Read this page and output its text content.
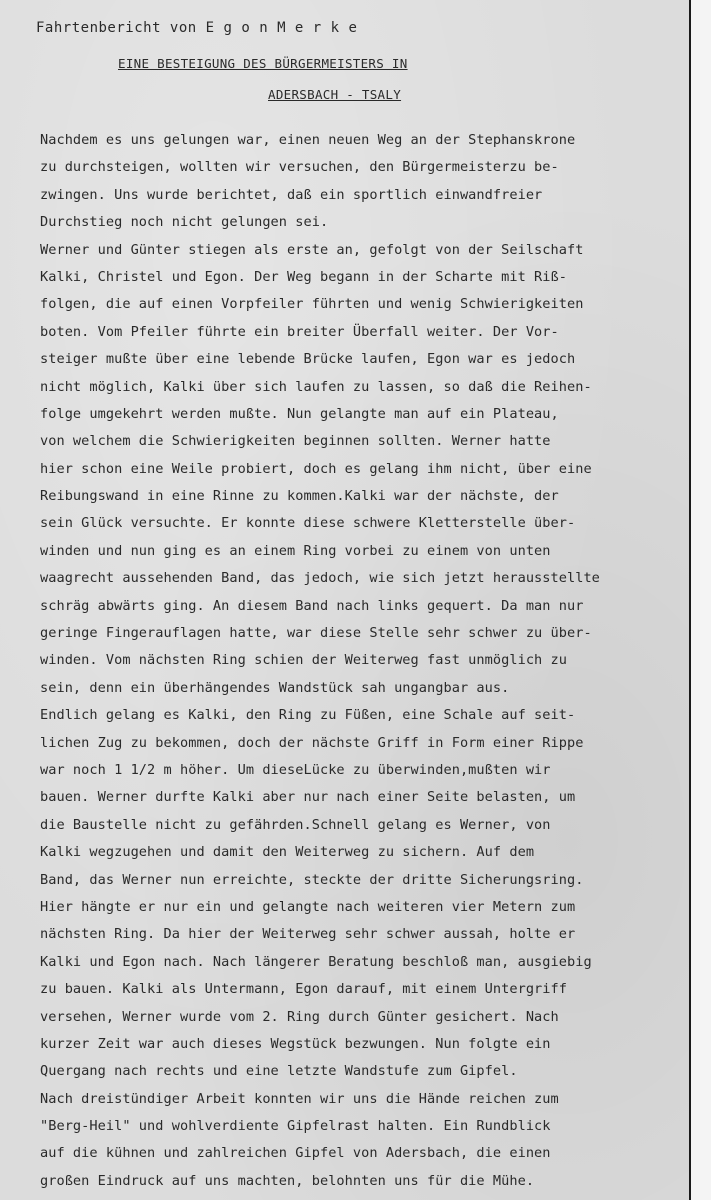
Fahrtenbericht von E g o n M e r k e
EINE BESTEIGUNG DES BÜRGERMEISTERS IN
ADERSBACH - TSALY
Nachdem es uns gelungen war, einen neuen Weg an der Stephanskrone
zu durchsteigen, wollten wir versuchen, den Bürgermeisterzu be-
zwingen. Uns wurde berichtet, daß ein sportlich einwandfreier
Durchstieg noch nicht gelungen sei.
Werner und Günter stiegen als erste an, gefolgt von der Seilschaft
Kalki, Christel und Egon. Der Weg begann in der Scharte mit Riß-
folgen, die auf einen Vorpfeiler führten und wenig Schwierigkeiten
boten. Vom Pfeiler führte ein breiter Überfall weiter. Der Vor-
steiger mußte über eine lebende Brücke laufen, Egon war es jedoch
nicht möglich, Kalki über sich laufen zu lassen, so daß die Reihen-
folge umgekehrt werden mußte. Nun gelangte man auf ein Plateau,
von welchem die Schwierigkeiten beginnen sollten. Werner hatte
hier schon eine Weile probiert, doch es gelang ihm nicht, über eine
Reibungswand in eine Rinne zu kommen.Kalki war der nächste, der
sein Glück versuchte. Er konnte diese schwere Kletterstelle über-
winden und nun ging es an einem Ring vorbei zu einem von unten
waagrecht aussehenden Band, das jedoch, wie sich jetzt herausstellte
schräg abwärts ging. An diesem Band nach links gequert. Da man nur
geringe Fingerauflagen hatte, war diese Stelle sehr schwer zu über-
winden. Vom nächsten Ring schien der Weiterweg fast unmöglich zu
sein, denn ein überhängendes Wandstück sah ungangbar aus.
Endlich gelang es Kalki, den Ring zu Füßen, eine Schale auf seit-
lichen Zug zu bekommen, doch der nächste Griff in Form einer Rippe
war noch 1 1/2 m höher. Um dieseLücke zu überwinden,mußten wir
bauen. Werner durfte Kalki aber nur nach einer Seite belasten, um
die Baustelle nicht zu gefährden.Schnell gelang es Werner, von
Kalki wegzugehen und damit den Weiterweg zu sichern. Auf dem
Band, das Werner nun erreichte, steckte der dritte Sicherungsring.
Hier hängte er nur ein und gelangte nach weiteren vier Metern zum
nächsten Ring. Da hier der Weiterweg sehr schwer aussah, holte er
Kalki und Egon nach. Nach längerer Beratung beschloß man, ausgiebig
zu bauen. Kalki als Untermann, Egon darauf, mit einem Untergriff
versehen, Werner wurde vom 2. Ring durch Günter gesichert. Nach
kurzer Zeit war auch dieses Wegstück bezwungen. Nun folgte ein
Quergang nach rechts und eine letzte Wandstufe zum Gipfel.
Nach dreistündiger Arbeit konnten wir uns die Hände reichen zum
"Berg-Heil" und wohlverdiente Gipfelrast halten. Ein Rundblick
auf die kühnen und zahlreichen Gipfel von Adersbach, die einen
großen Eindruck auf uns machten, belohnten uns für die Mühe.
